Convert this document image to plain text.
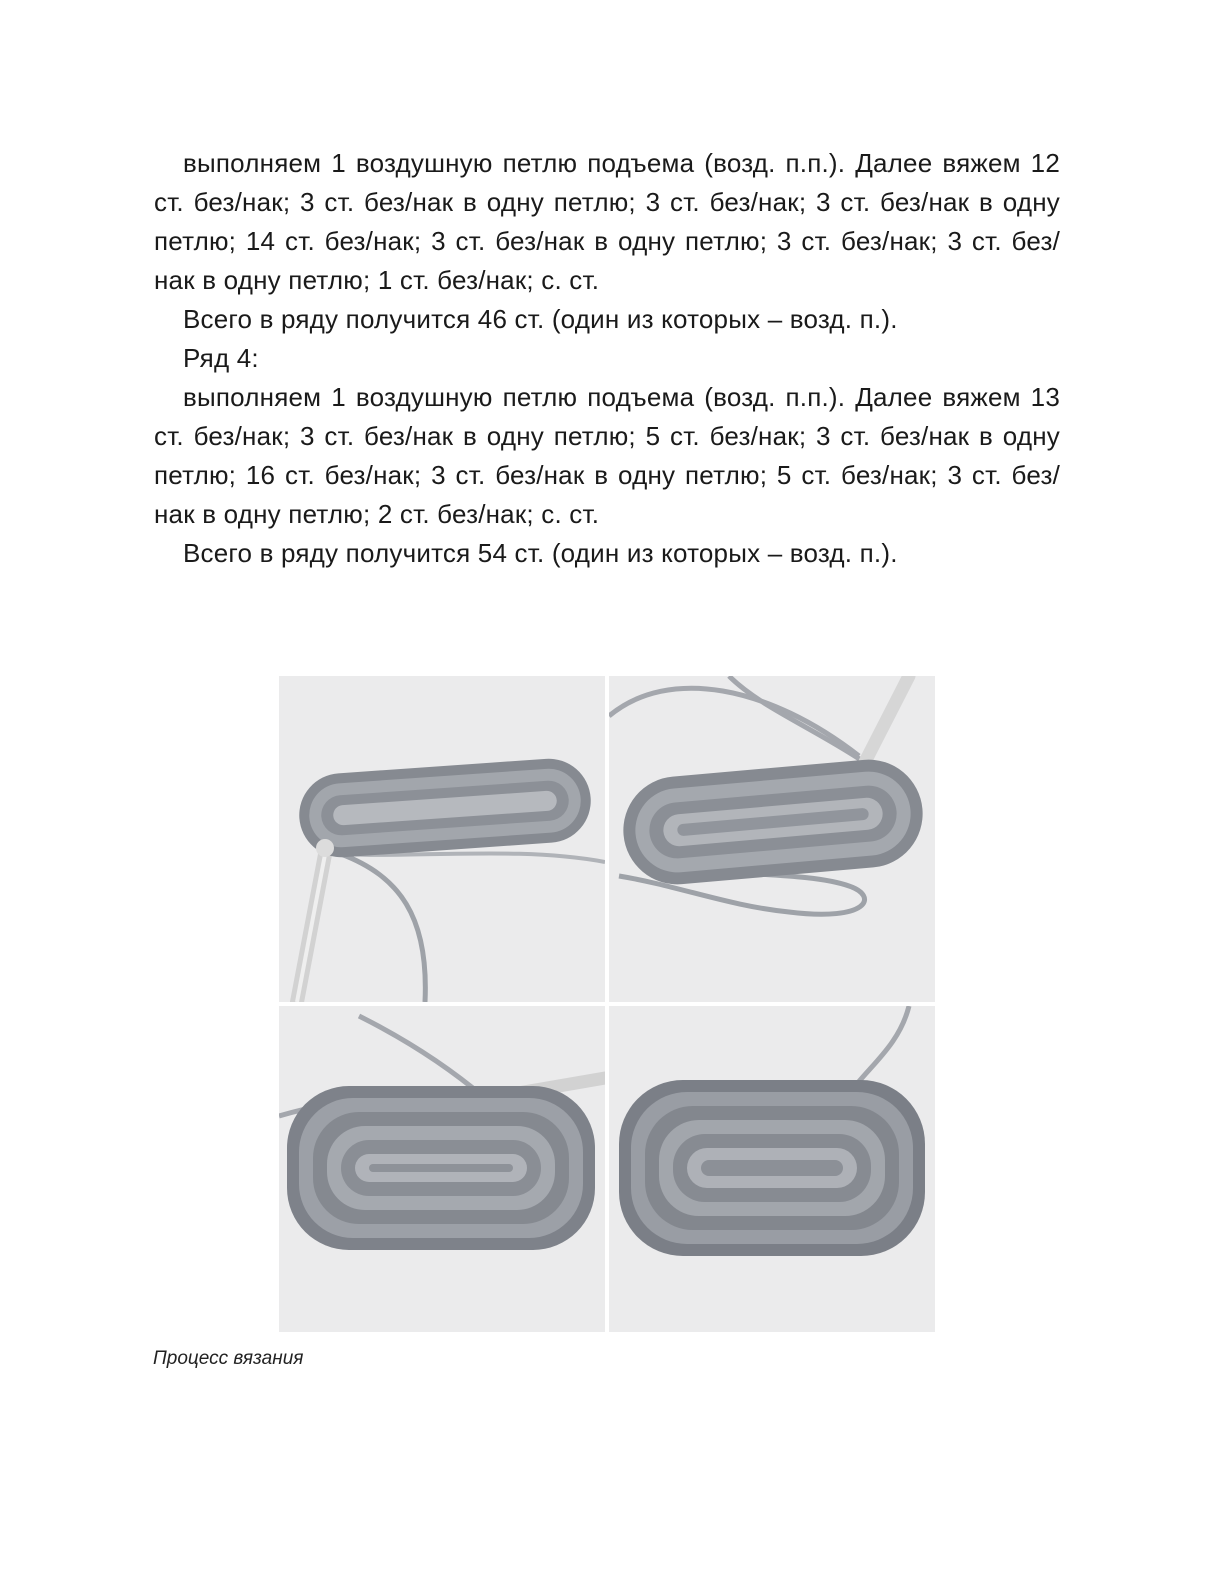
выполняем 1 воздушную петлю подъема (возд. п.п.). Далее вяжем 12 ст. без/нак; 3 ст. без/нак в одну петлю; 3 ст. без/нак; 3 ст. без/нак в одну петлю; 14 ст. без/нак; 3 ст. без/нак в одну петлю; 3 ст. без/нак; 3 ст. без/нак в одну петлю; 1 ст. без/нак; с. ст.

Всего в ряду получится 46 ст. (один из которых – возд. п.).

Ряд 4:

выполняем 1 воздушную петлю подъема (возд. п.п.). Далее вяжем 13 ст. без/нак; 3 ст. без/нак в одну петлю; 5 ст. без/нак; 3 ст. без/нак в одну петлю; 16 ст. без/нак; 3 ст. без/нак в одну петлю; 5 ст. без/нак; 3 ст. без/нак в одну петлю; 2 ст. без/нак; с. ст.

Всего в ряду получится 54 ст. (один из которых – возд. п.).

Процесс вязания
